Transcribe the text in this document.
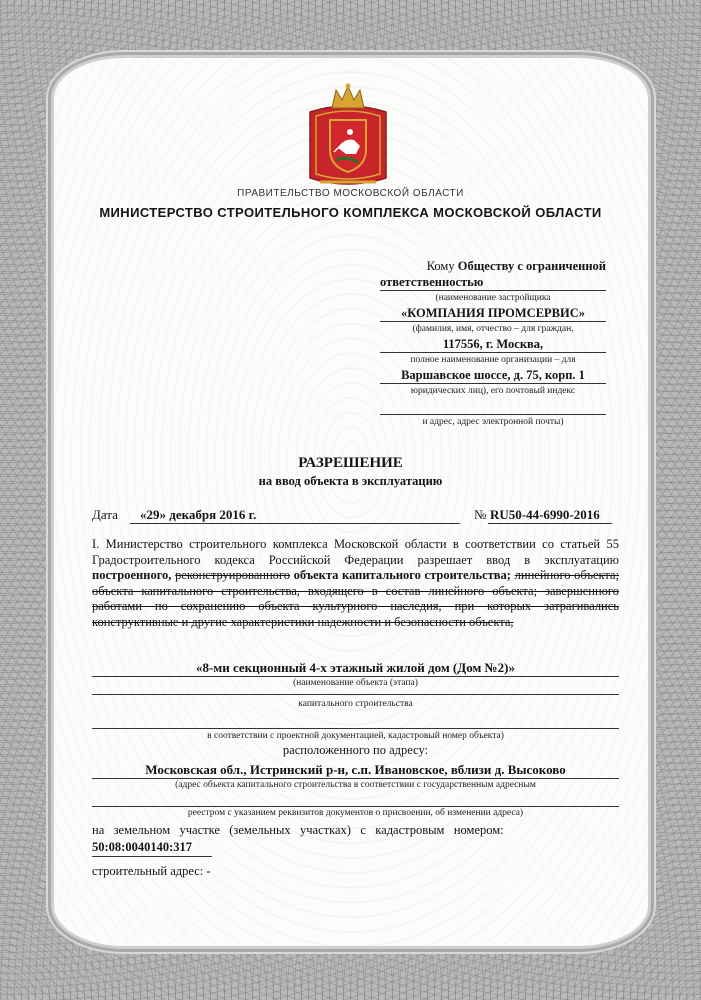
ПРАВИТЕЛЬСТВО МОСКОВСКОЙ ОБЛАСТИ
МИНИСТЕРСТВО СТРОИТЕЛЬНОГО КОМПЛЕКСА МОСКОВСКОЙ ОБЛАСТИ
Кому Обществу с ограниченной
ответственностью
(наименование застройщика
«КОМПАНИЯ ПРОМСЕРВИС»
(фамилия, имя, отчество – для граждан,
117556, г. Москва,
полное наименование организации – для
Варшавское шоссе, д. 75, корп. 1
юридических лиц), его почтовый индекс
и адрес, адрес электронной почты)
РАЗРЕШЕНИЕ
на ввод объекта в эксплуатацию
Дата «29» декабря 2016 г.	№ RU50-44-6990-2016
I. Министерство строительного комплекса Московской области в соответствии со статьей 55 Градостроительного кодекса Российской Федерации разрешает ввод в эксплуатацию построенного, реконструированного объекта капитального строительства; линейного объекта; объекта капитального строительства, входящего в состав линейного объекта; завершенного работами по сохранению объекта культурного наследия, при которых затрагивались конструктивные и другие характеристики надежности и безопасности объекта,
«8-ми секционный 4-х этажный жилой дом (Дом №2)»
(наименование объекта (этапа)
капитального строительства
в соответствии с проектной документацией, кадастровый номер объекта)
расположенного по адресу:
Московская обл., Истринский р-н, с.п. Ивановское, вблизи д. Высоково
(адрес объекта капитального строительства в соответствии с государственным адресным
реестром с указанием реквизитов документов о присвоении, об изменении адреса)
на   земельном   участке   (земельных   участках)   с   кадастровым   номером:
50:08:0040140:317
строительный адрес: -
